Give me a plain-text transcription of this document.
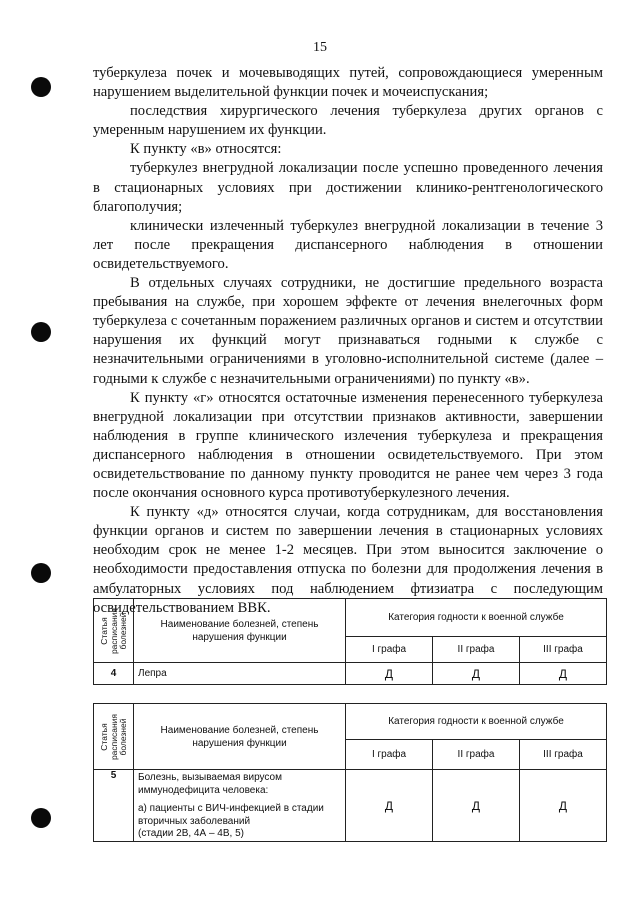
15

туберкулеза почек и мочевыводящих путей, сопровождающиеся умеренным нарушением выделительной функции почек и мочеиспускания;

последствия хирургического лечения туберкулеза других органов с умеренным нарушением их функции.

К пункту «в» относятся:

туберкулез внегрудной локализации после успешно проведенного лечения в стационарных условиях при достижении клинико-рентгенологического благополучия;

клинически излеченный туберкулез внегрудной локализации в течение 3 лет после прекращения диспансерного наблюдения в отношении освидетельствуемого.

В отдельных случаях сотрудники, не достигшие предельного возраста пребывания на службе, при хорошем эффекте от лечения внелегочных форм туберкулеза с сочетанным поражением различных органов и систем и отсутствии нарушения их функций могут признаваться годными к службе с незначительными ограничениями в уголовно-исполнительной системе (далее – годными к службе с незначительными ограничениями) по пункту «в».

К пункту «г» относятся остаточные изменения перенесенного туберкулеза внегрудной локализации при отсутствии признаков активности, завершении наблюдения в группе клинического излечения туберкулеза и прекращения диспансерного наблюдения в отношении освидетельствуемого. При этом освидетельствование по данному пункту проводится не ранее чем через 3 года после окончания основного курса противотуберкулезного лечения.

К пункту «д» относятся случаи, когда сотрудникам, для восстановления функции органов и систем по завершении лечения в стационарных условиях необходим срок не менее 1-2 месяцев. При этом выносится заключение о необходимости предоставления отпуска по болезни для продолжения лечения в амбулаторных условиях под наблюдением фтизиатра с последующим освидетельствованием ВВК.

Статья расписания болезней	Наименование болезней, степень нарушения функции	Категория годности к военной службе		
		I графа	II графа	III графа
4	Лепра	Д	Д	Д
Статья расписания болезней	Наименование болезней, степень нарушения функции	Категория годности к военной службе		
		I графа	II графа	III графа
5	Болезнь, вызываемая вирусом иммунодефицита человека:
а) пациенты с ВИЧ-инфекцией в стадии вторичных заболеваний
(стадии 2В, 4А – 4В, 5)	Д	Д	Д
